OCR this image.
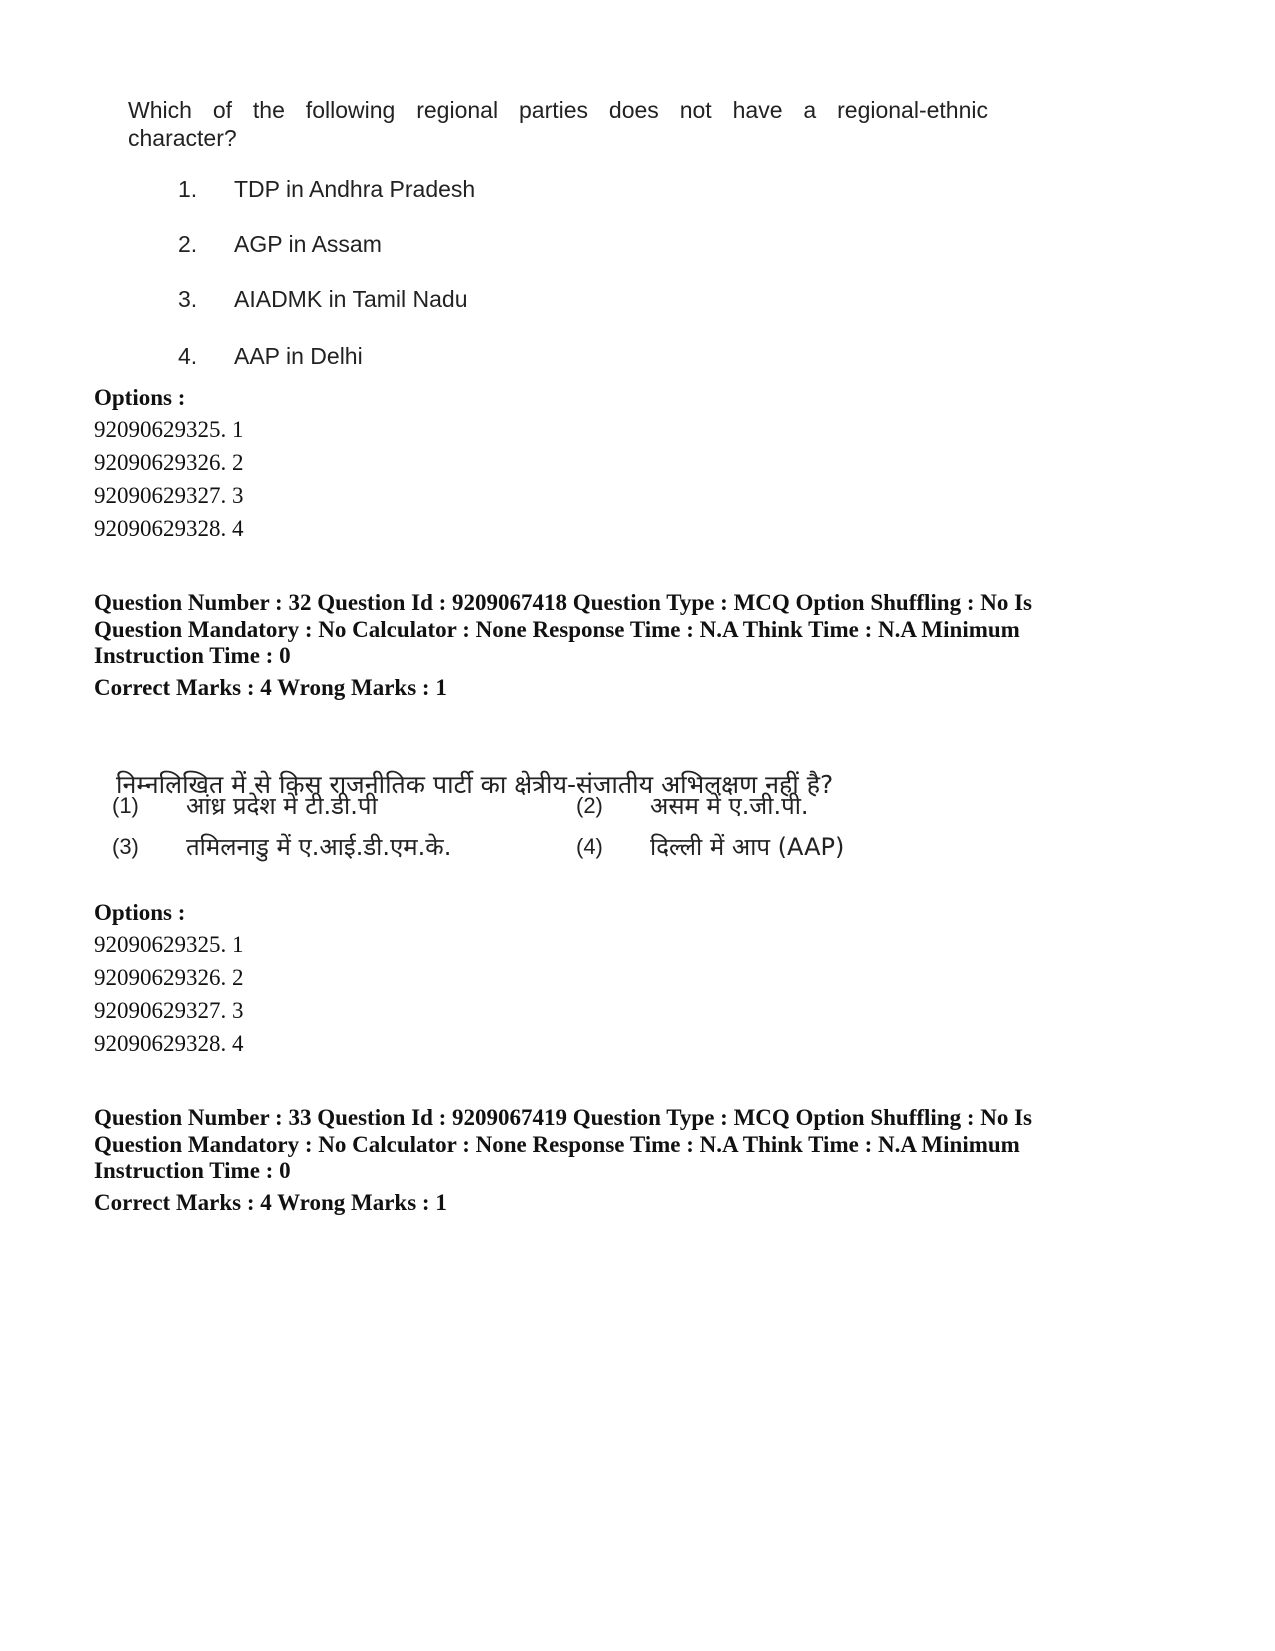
Which of the following regional parties does not have a regional-ethnic
character?
1. TDP in Andhra Pradesh
2. AGP in Assam
3. AIADMK in Tamil Nadu
4. AAP in Delhi
Options :
92090629325. 1
92090629326. 2
92090629327. 3
92090629328. 4
Question Number : 32 Question Id : 9209067418 Question Type : MCQ Option Shuffling : No Is
Question Mandatory : No Calculator : None Response Time : N.A Think Time : N.A Minimum
Instruction Time : 0
Correct Marks : 4 Wrong Marks : 1
निम्नलिखित में से किस राजनीतिक पार्टी का क्षेत्रीय-संजातीय अभिलक्षण नहीं है?
(1) आंध्र प्रदेश में टी.डी.पी	(2) असम में ए.जी.पी.
(3) तमिलनाडु में ए.आई.डी.एम.के.	(4) दिल्ली में आप (AAP)
Options :
92090629325. 1
92090629326. 2
92090629327. 3
92090629328. 4
Question Number : 33 Question Id : 9209067419 Question Type : MCQ Option Shuffling : No Is
Question Mandatory : No Calculator : None Response Time : N.A Think Time : N.A Minimum
Instruction Time : 0
Correct Marks : 4 Wrong Marks : 1
